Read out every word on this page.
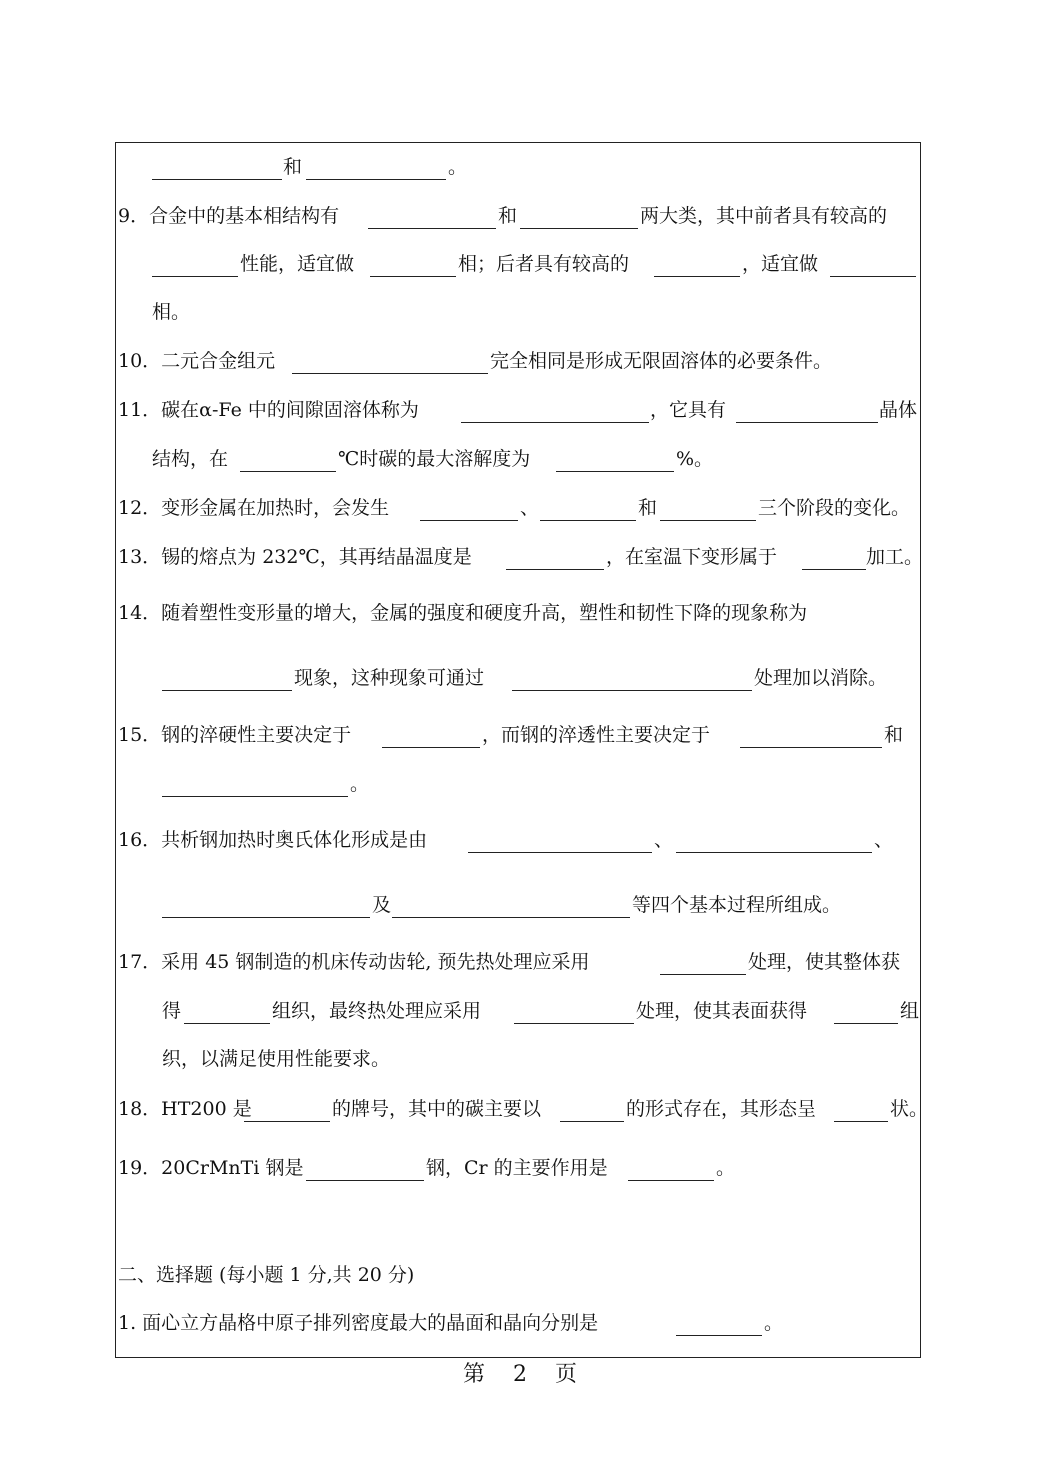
和	。
9．合金中的基本相结构有	和	两大类，其中前者具有较高的
性能，适宜做	相；后者具有较高的	，适宜做
相。
10．二元合金组元	完全相同是形成无限固溶体的必要条件。
11．碳在α-Fe 中的间隙固溶体称为	，它具有	晶体
结构，在	℃时碳的最大溶解度为	%。
12．变形金属在加热时，会发生	、	和	三个阶段的变化。
13．锡的熔点为 232℃，其再结晶温度是	，在室温下变形属于	加工。
14．随着塑性变形量的增大，金属的强度和硬度升高，塑性和韧性下降的现象称为
现象，这种现象可通过	处理加以消除。
15．钢的淬硬性主要决定于	，而钢的淬透性主要决定于	和
。
16．共析钢加热时奥氏体化形成是由	、	、
及	等四个基本过程所组成。
17．采用 45 钢制造的机床传动齿轮, 预先热处理应采用	处理，使其整体获
得	组织，最终热处理应采用	处理，使其表面获得	组
织，以满足使用性能要求。
18．HT200 是	的牌号，其中的碳主要以	的形式存在，其形态呈	状。
19．20CrMnTi 钢是	钢，Cr 的主要作用是	。
二、选择题 (每小题 1 分,共 20 分)
1. 面心立方晶格中原子排列密度最大的晶面和晶向分别是	。
第 2 页
